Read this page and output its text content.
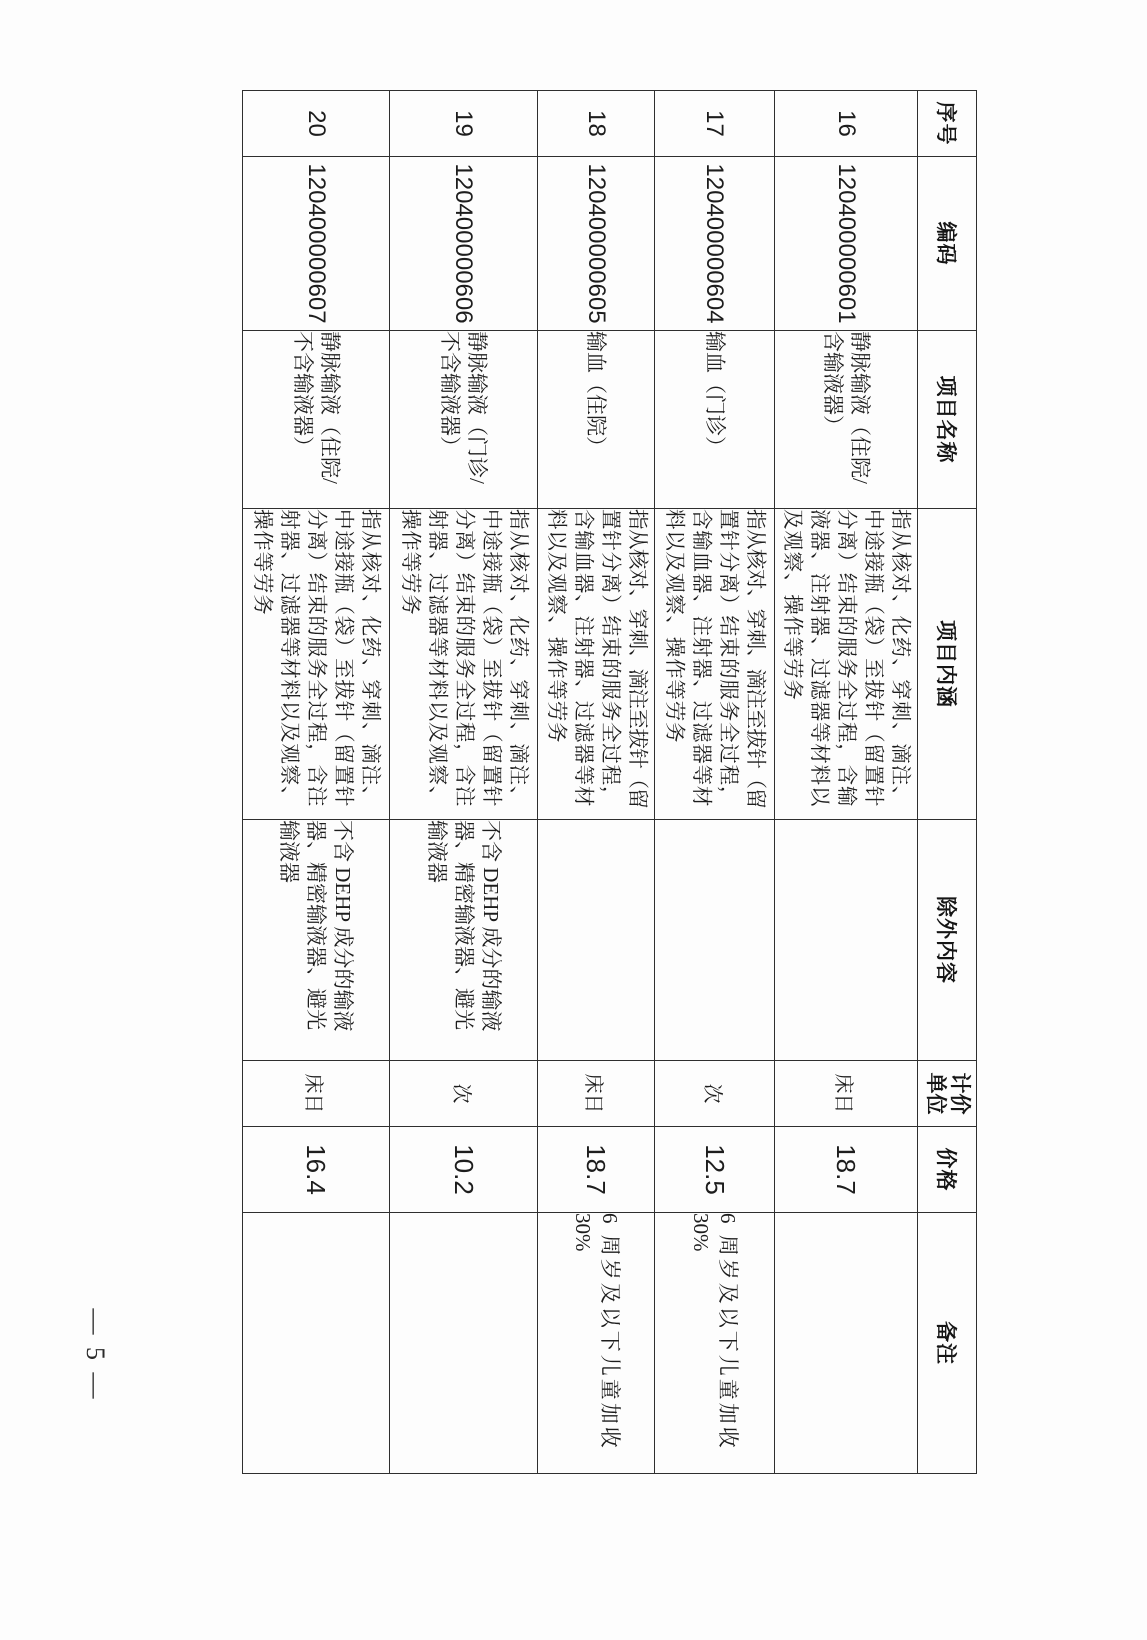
序号	编码	项目名称	项目内涵	除外内容	计价
单位	价格	备注
16	120400000601	静脉输液（住院/
含输液器）	指从核对、化药、穿刺、滴注、
中途接瓶（袋）至拔针（留置针
分离）结束的服务全过程，含输
液器、注射器、过滤器等材料以
及观察、操作等劳务		床日	18.7	
17	120400000604	输血（门诊）	指从核对、穿刺、滴注至拔针（留
置针分离）结束的服务全过程，
含输血器、注射器、过滤器等材
料以及观察、操作等劳务		次	12.5	6 周岁及以下儿童加收
30%

18	120400000605	输血（住院）	指从核对、穿刺、滴注至拔针（留
置针分离）结束的服务全过程，
含输血器、注射器、过滤器等材
料以及观察、操作等劳务		床日	18.7	6 周岁及以下儿童加收
30%

19	120400000606	静脉输液（门诊/
不含输液器）	指从核对、化药、穿刺、滴注、
中途接瓶（袋）至拔针（留置针
分离）结束的服务全过程，含注
射器、过滤器等材料以及观察、
操作等劳务	不含 DEHP 成分的输液
器、精密输液器、避光
输液器	次	10.2	
20	120400000607	静脉输液（住院/
不含输液器）	指从核对、化药、穿刺、滴注、
中途接瓶（袋）至拔针（留置针
分离）结束的服务全过程，含注
射器、过滤器等材料以及观察、
操作等劳务	不含 DEHP 成分的输液
器、精密输液器、避光
输液器	床日	16.4	
— 5 —
